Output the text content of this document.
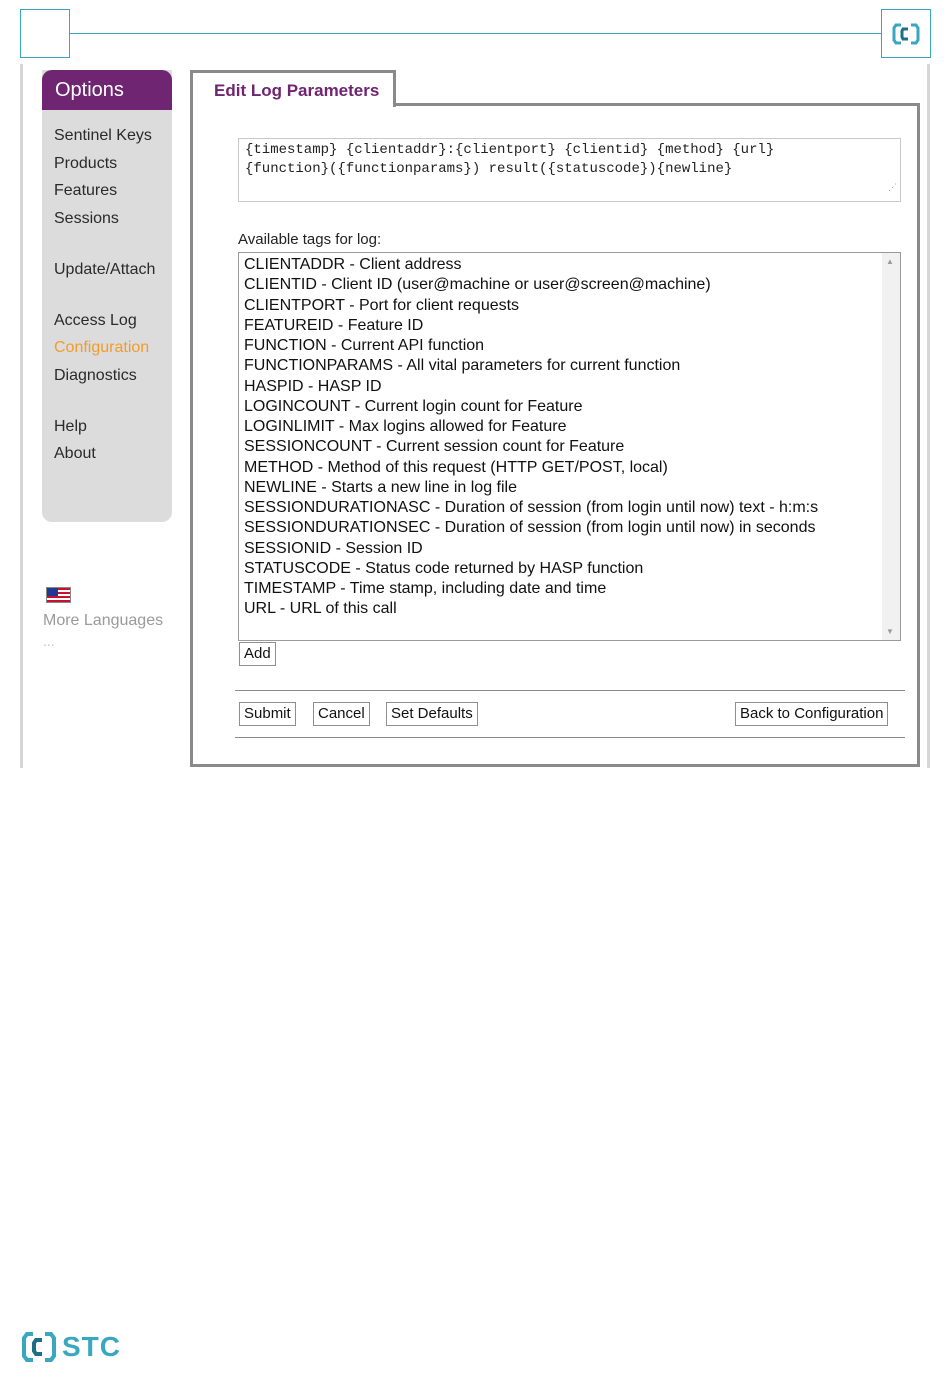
Options
Sentinel Keys
Products
Features
Sessions
Update/Attach
Access Log
Configuration
Diagnostics
Help
About
More Languages
...
Edit Log Parameters
{timestamp} {clientaddr}:{clientport} {clientid} {method} {url}
{function}({functionparams}) result({statuscode}){newline}
⋰
Available tags for log:
CLIENTADDR - Client address
CLIENTID - Client ID (user@machine or user@screen@machine)
CLIENTPORT - Port for client requests
FEATUREID - Feature ID
FUNCTION - Current API function
FUNCTIONPARAMS - All vital parameters for current function
HASPID - HASP ID
LOGINCOUNT - Current login count for Feature
LOGINLIMIT - Max logins allowed for Feature
SESSIONCOUNT - Current session count for Feature
METHOD - Method of this request (HTTP GET/POST, local)
NEWLINE - Starts a new line in log file
SESSIONDURATIONASC - Duration of session (from login until now) text - h:m:s
SESSIONDURATIONSEC - Duration of session (from login until now) in seconds
SESSIONID - Session ID
STATUSCODE - Status code returned by HASP function
TIMESTAMP - Time stamp, including date and time
URL - URL of this call
▲
▼
Add
Submit	Cancel	Set Defaults	Back to Configuration
STC
